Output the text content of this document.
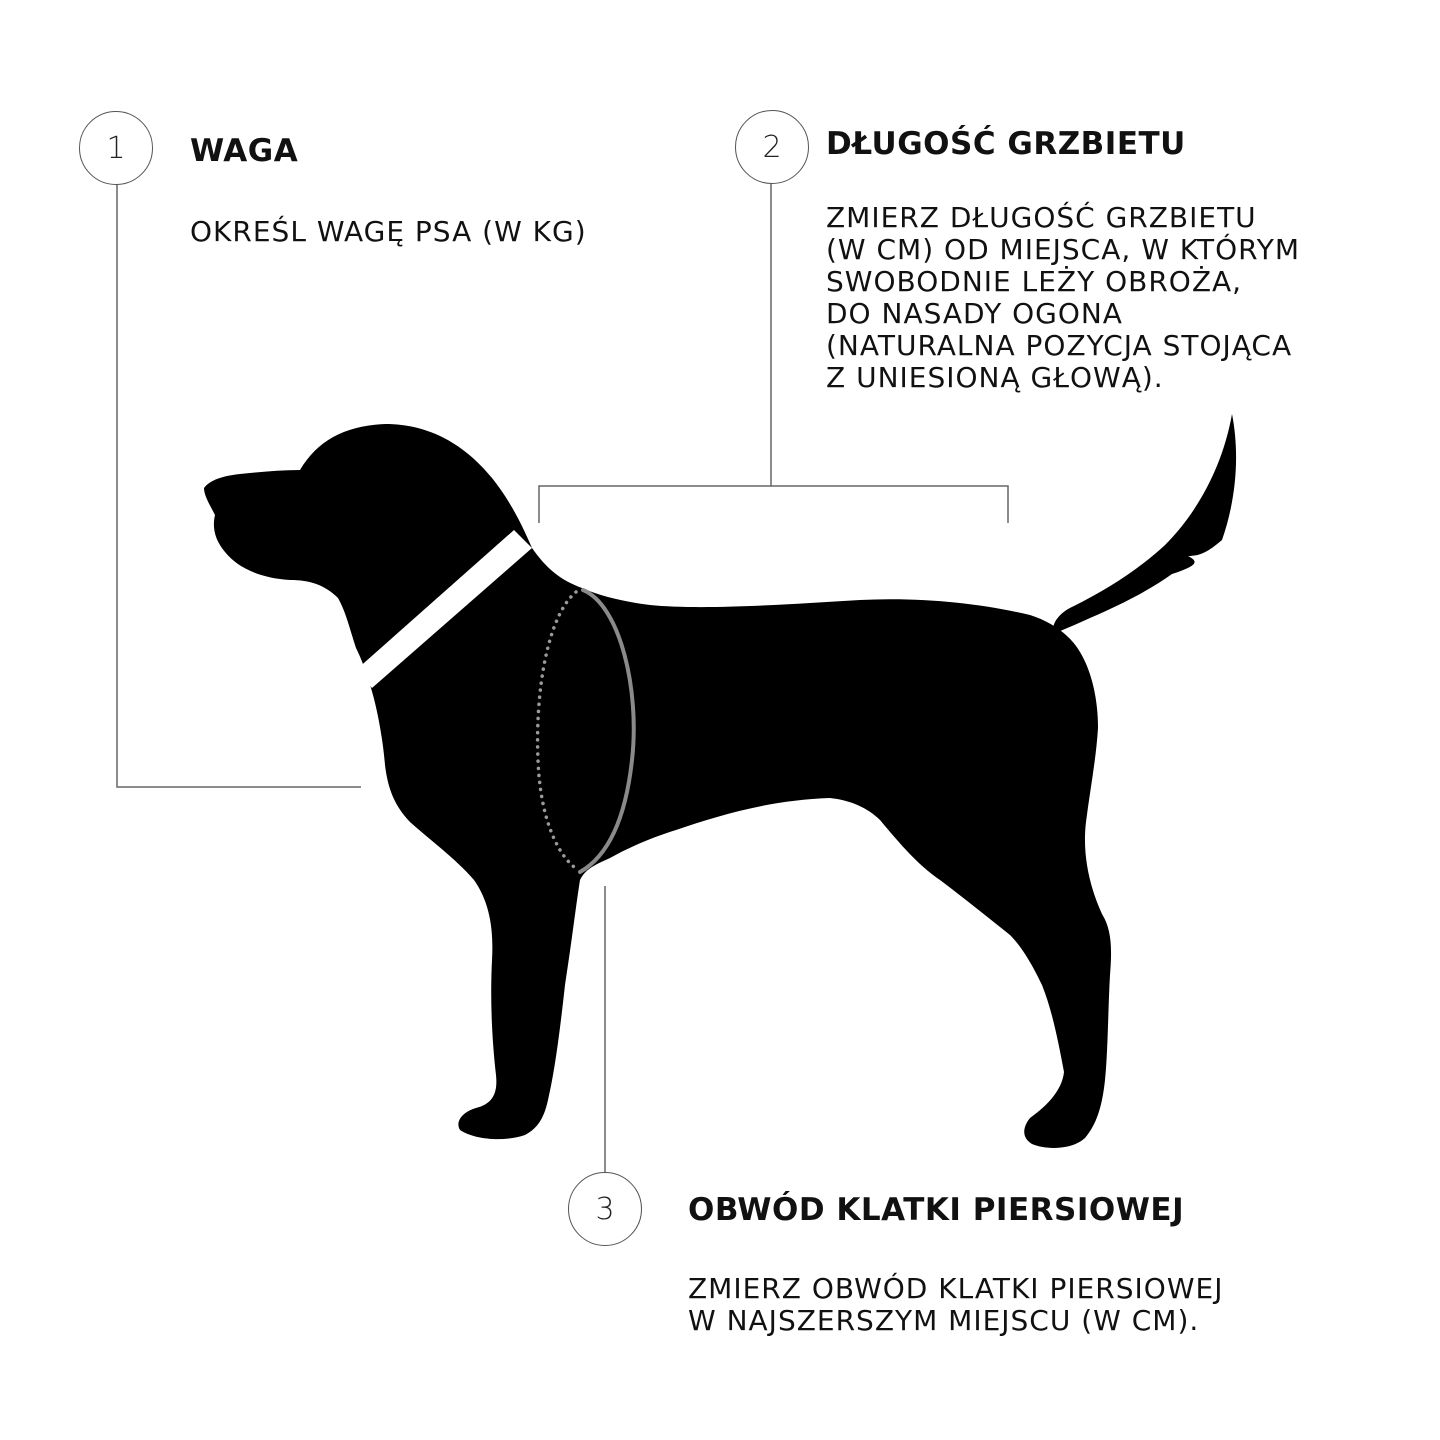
1 WAGA
OKREŚL WAGĘ PSA (W KG)
2 DŁUGOŚĆ GRZBIETU
ZMIERZ DŁUGOŚĆ GRZBIETU
(W CM) OD MIEJSCA, W KTÓRYM
SWOBODNIE LEŻY OBROŻA,
DO NASADY OGONA
(NATURALNA POZYCJA STOJĄCA
Z UNIESIONĄ GŁOWĄ).
3 OBWÓD KLATKI PIERSIOWEJ
ZMIERZ OBWÓD KLATKI PIERSIOWEJ
W NAJSZERSZYM MIEJSCU (W CM).
